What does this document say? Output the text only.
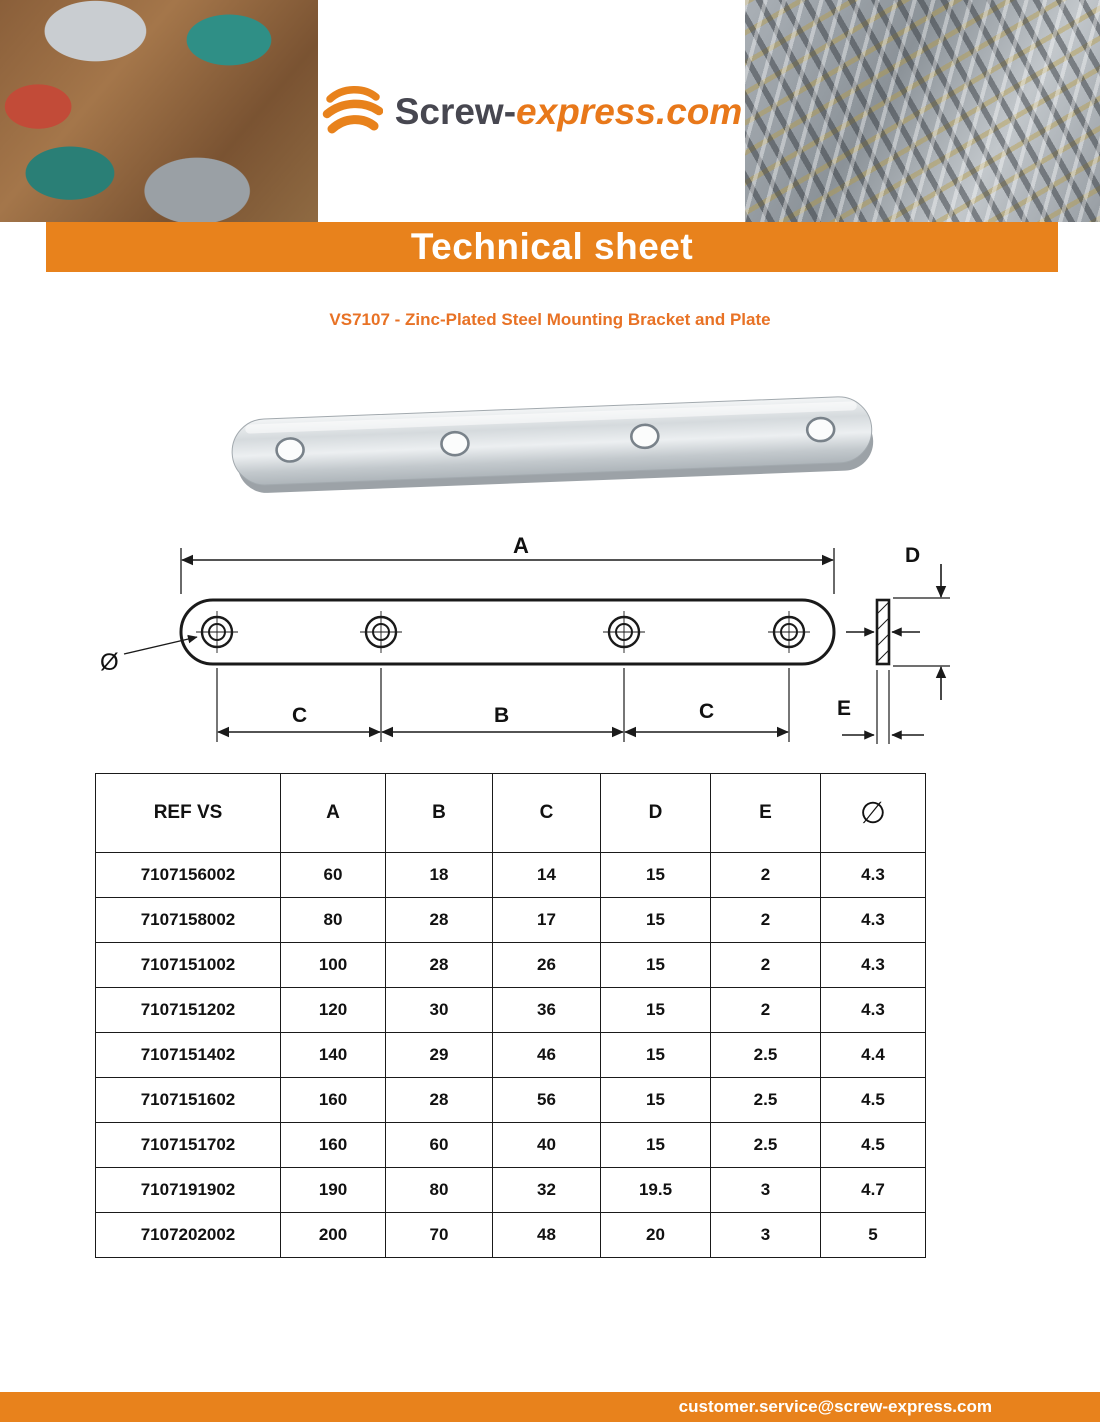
Screw-express.com
Technical sheet
VS7107 - Zinc-Plated Steel Mounting Bracket and Plate
A
C	B	C
D
E
Ø
REF VS	A	B	C	D	E	∅
7107156002	60	18	14	15	2	4.3
7107158002	80	28	17	15	2	4.3
7107151002	100	28	26	15	2	4.3
7107151202	120	30	36	15	2	4.3
7107151402	140	29	46	15	2.5	4.4
7107151602	160	28	56	15	2.5	4.5
7107151702	160	60	40	15	2.5	4.5
7107191902	190	80	32	19.5	3	4.7
7107202002	200	70	48	20	3	5
customer.service@screw-express.com
